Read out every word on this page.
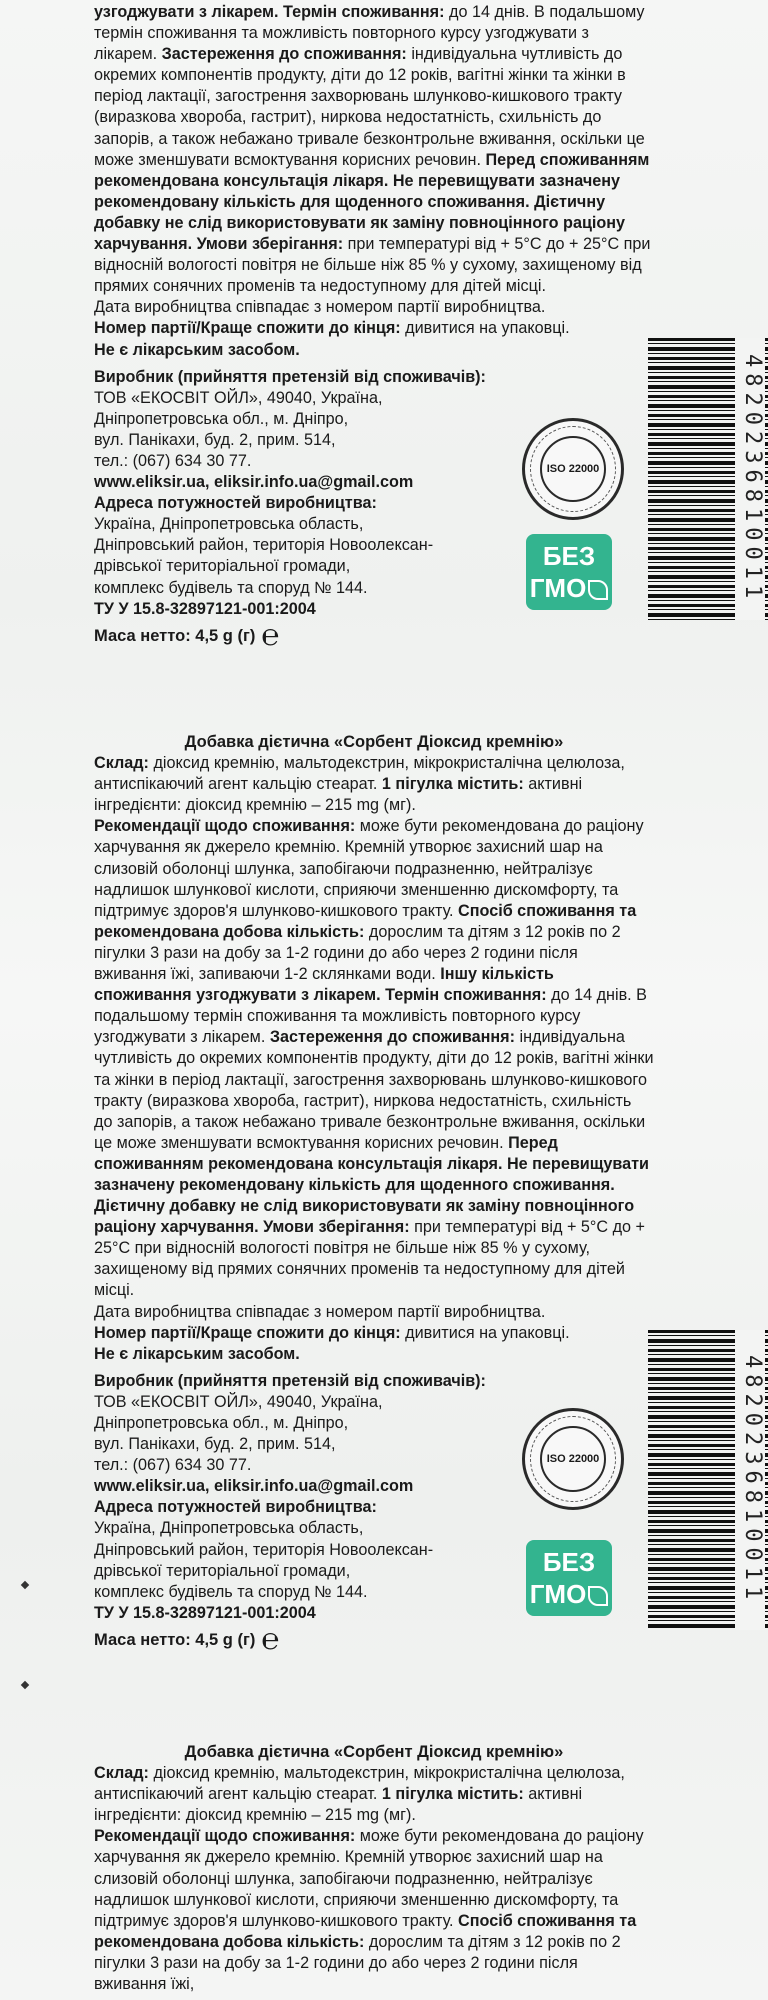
узгоджувати з лікарем. Термін споживання: до 14 днів. В подальшому термін споживання та можливість повторного курсу узгоджувати з лікарем. Застереження до споживання: індивідуальна чутливість до окремих компонентів продукту, діти до 12 років, вагітні жінки та жінки в період лактації, загострення захворювань шлунково-кишкового тракту (виразкова хвороба, гастрит), ниркова недостатність, схильність до запорів, а також небажано тривале безконтрольне вживання, оскільки це може зменшувати всмоктування корисних речовин. Перед споживанням рекомендована консультація лікаря. Не перевищувати зазначену рекомендовану кількість для щоденного споживання. Дієтичну добавку не слід використовувати як заміну повноцінного раціону харчування. Умови зберігання: при температурі від + 5°С до + 25°С при відносній вологості повітря не більше ніж 85 % у сухому, захищеному від прямих сонячних променів та недоступному для дітей місці.

Дата виробництва співпадає з номером партії виробництва.

Номер партії/Краще спожити до кінця: дивитися на упаковці.

Не є лікарським засобом.

Виробник (прийняття претензій від споживачів):

ТОВ «ЕКОСВІТ ОЙЛ», 49040, Україна,

Дніпропетровська обл., м. Дніпро,

вул. Панікахи, буд. 2, прим. 514,

тел.: (067) 634 30 77.

www.eliksir.ua, eliksir.info.ua@gmail.com

Адреса потужностей виробництва:

Україна, Дніпропетровська область,

Дніпровський район, територія Новоолексан-

дрівської територіальної громади,

комплекс будівель та споруд № 144.

ТУ У 15.8-32897121-001:2004

Маса нетто: 4,5 g (г) ℮
4820236810011
ISO 22000
БЕЗ
ГМО

Добавка дієтична «Сорбент Діоксид кремнію»

Склад: діоксид кремнію, мальтодекстрин, мікрокристалічна целюлоза, антиспікаючий агент кальцію стеарат. 1 пігулка містить: активні інгредієнти: діоксид кремнію – 215 mg (мг).

Рекомендації щодо споживання: може бути рекомендована до раціону харчування як джерело кремнію. Кремній утворює захисний шар на слизовій оболонці шлунка, запобігаючи подразненню, нейтралізує надлишок шлункової кислоти, сприяючи зменшенню дискомфорту, та підтримує здоров'я шлунково-кишкового тракту. Спосіб споживання та рекомендована добова кількість: дорослим та дітям з 12 років по 2 пігулки 3 рази на добу за 1-2 години до або через 2 години після вживання їжі, запиваючи 1-2 склянками води. Іншу кількість споживання узгоджувати з лікарем. Термін споживання: до 14 днів. В подальшому термін споживання та можливість повторного курсу узгоджувати з лікарем. Застереження до споживання: індивідуальна чутливість до окремих компонентів продукту, діти до 12 років, вагітні жінки та жінки в період лактації, загострення захворювань шлунково-кишкового тракту (виразкова хвороба, гастрит), ниркова недостатність, схильність до запорів, а також небажано тривале безконтрольне вживання, оскільки це може зменшувати всмоктування корисних речовин. Перед споживанням рекомендована консультація лікаря. Не перевищувати зазначену рекомендовану кількість для щоденного споживання. Дієтичну добавку не слід використовувати як заміну повноцінного раціону харчування. Умови зберігання: при температурі від + 5°С до + 25°С при відносній вологості повітря не більше ніж 85 % у сухому, захищеному від прямих сонячних променів та недоступному для дітей місці.

Дата виробництва співпадає з номером партії виробництва.

Номер партії/Краще спожити до кінця: дивитися на упаковці.

Не є лікарським засобом.

Виробник (прийняття претензій від споживачів):

ТОВ «ЕКОСВІТ ОЙЛ», 49040, Україна,

Дніпропетровська обл., м. Дніпро,

вул. Панікахи, буд. 2, прим. 514,

тел.: (067) 634 30 77.

www.eliksir.ua, eliksir.info.ua@gmail.com

Адреса потужностей виробництва:

Україна, Дніпропетровська область,

Дніпровський район, територія Новоолексан-

дрівської територіальної громади,

комплекс будівель та споруд № 144.

ТУ У 15.8-32897121-001:2004

Маса нетто: 4,5 g (г) ℮
4820236810011
ISO 22000
БЕЗ
ГМО

Добавка дієтична «Сорбент Діоксид кремнію»

Склад: діоксид кремнію, мальтодекстрин, мікрокристалічна целюлоза, антиспікаючий агент кальцію стеарат. 1 пігулка містить: активні інгредієнти: діоксид кремнію – 215 mg (мг).

Рекомендації щодо споживання: може бути рекомендована до раціону харчування як джерело кремнію. Кремній утворює захисний шар на слизовій оболонці шлунка, запобігаючи подразненню, нейтралізує надлишок шлункової кислоти, сприяючи зменшенню дискомфорту, та підтримує здоров'я шлунково-кишкового тракту. Спосіб споживання та рекомендована добова кількість: дорослим та дітям з 12 років по 2 пігулки 3 рази на добу за 1-2 години до або через 2 години після вживання їжі,
